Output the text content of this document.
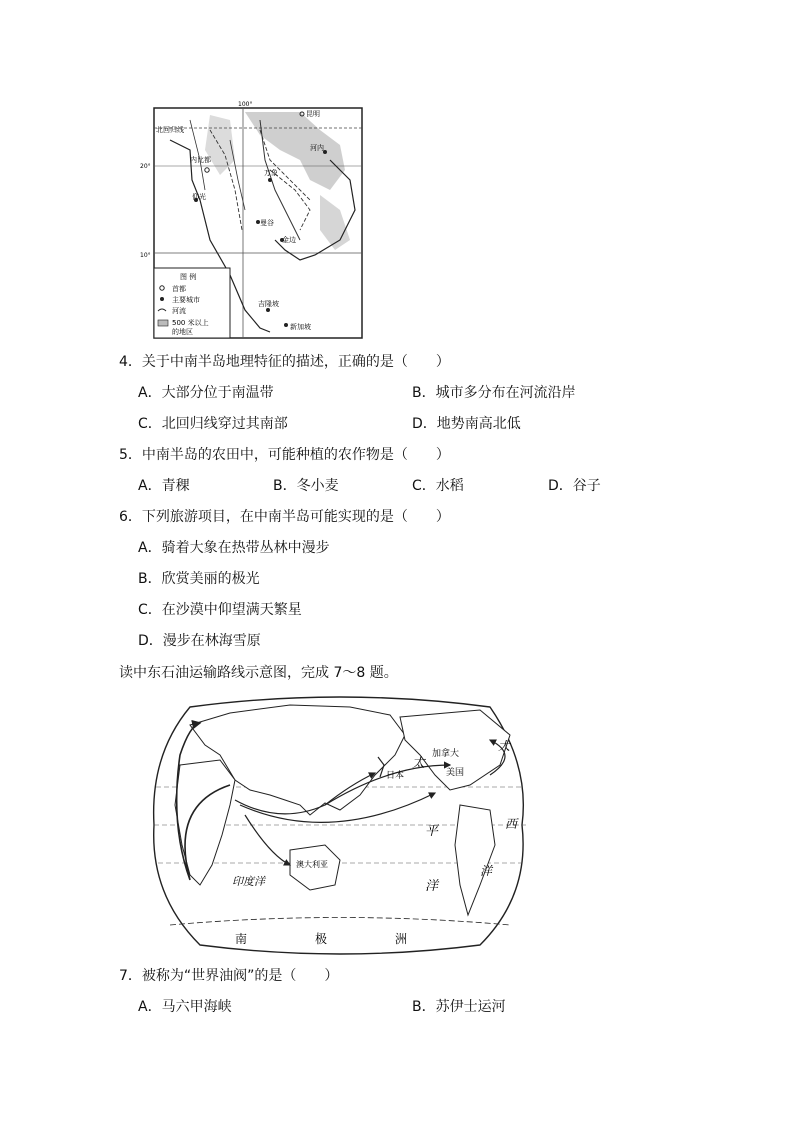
100°
20°
10°
北回归线
昆明
河内
内比都
万象
仰光
曼谷
金边
吉隆坡
新加坡
图 例
首都
主要城市
河流
500 米以上
的地区
4．关于中南半岛地理特征的描述，正确的是（　　）
A．大部分位于南温带	B．城市多分布在河流沿岸
C．北回归线穿过其南部	D．地势南高北低
5．中南半岛的农田中，可能种植的农作物是（　　）
A．青稞	B．冬小麦	C．水稻	D．谷子
6．下列旅游项目，在中南半岛可能实现的是（　　）
A．骑着大象在热带丛林中漫步
B．欣赏美丽的极光
C．在沙漠中仰望满天繁星
D．漫步在林海雪原
读中东石油运输路线示意图，完成 7～8 题。
日本	美国
加拿大
澳大利亚
印度洋
太
平
洋
大
西
洋
南	极	洲
7．被称为“世界油阀”的是（　　）
A．马六甲海峡	B．苏伊士运河
